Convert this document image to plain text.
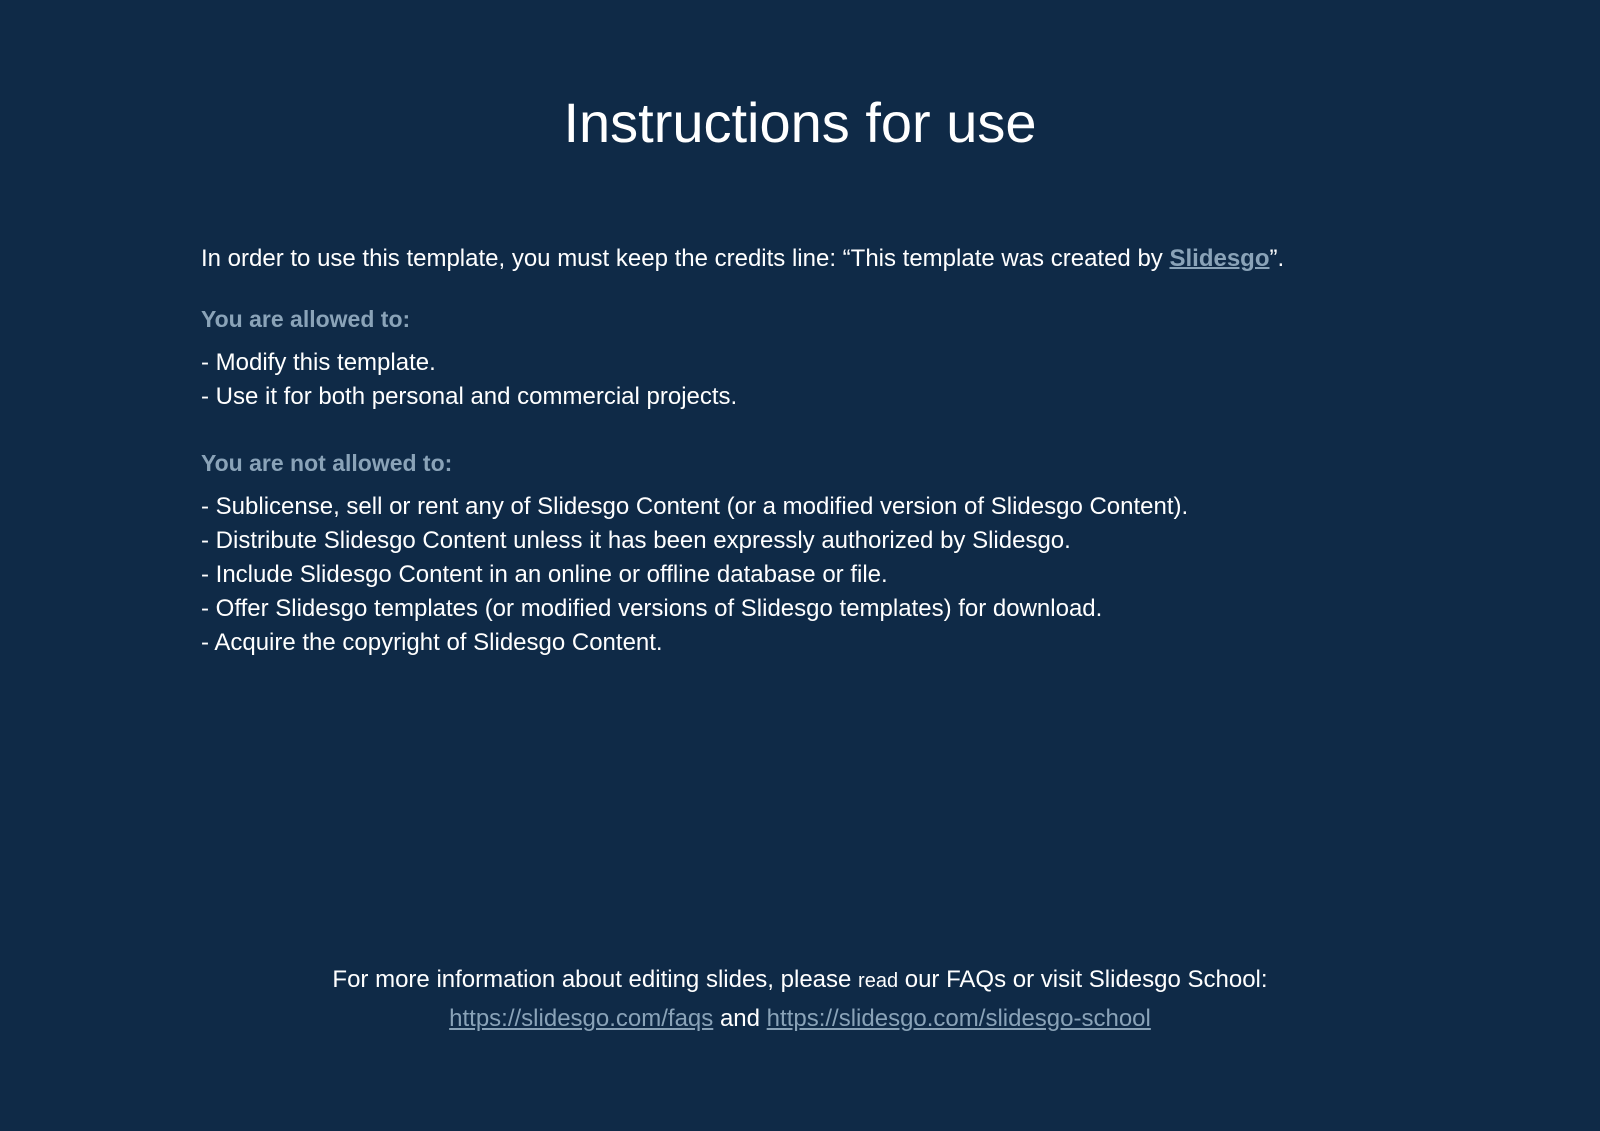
Instructions for use

In order to use this template, you must keep the credits line: “This template was created by Slidesgo”.

You are allowed to:
- Modify this template.
- Use it for both personal and commercial projects.
You are not allowed to:
- Sublicense, sell or rent any of Slidesgo Content (or a modified version of Slidesgo Content).
- Distribute Slidesgo Content unless it has been expressly authorized by Slidesgo.
- Include Slidesgo Content in an online or offline database or file.
- Offer Slidesgo templates (or modified versions of Slidesgo templates) for download.
- Acquire the copyright of Slidesgo Content.

For more information about editing slides, please read our FAQs or visit Slidesgo School:

https://slidesgo.com/faqs and https://slidesgo.com/slidesgo-school
